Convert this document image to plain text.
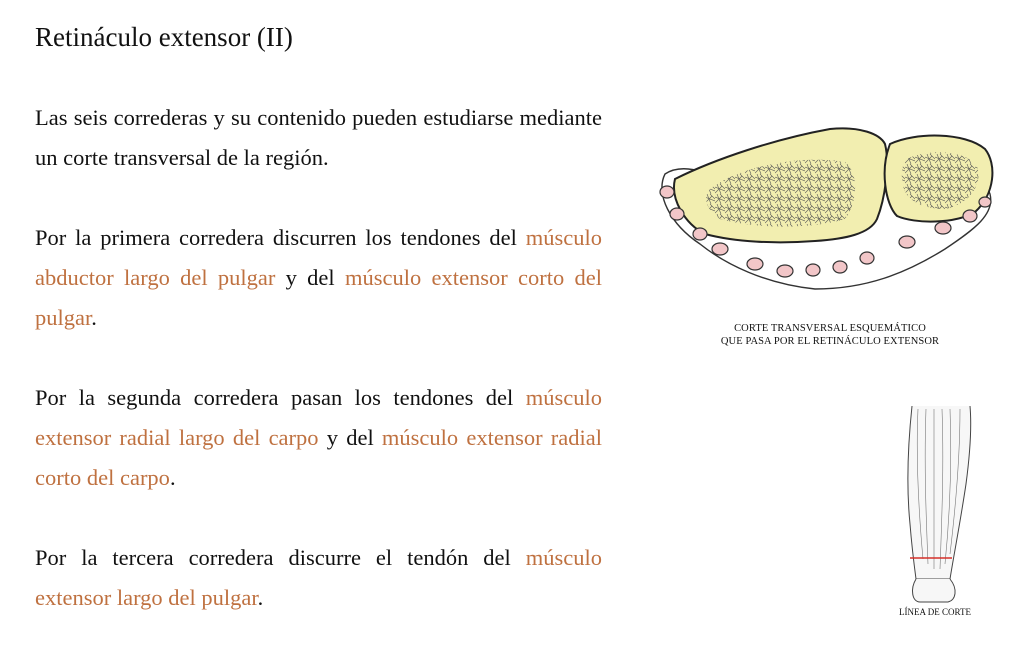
Retináculo extensor (II)

Las seis correderas y su contenido pueden estudiarse mediante un corte transversal de la región.

Por la primera corredera discurren los tendones del músculo abductor largo del pulgar y del músculo extensor corto del pulgar.

Por la segunda corredera pasan los tendones del músculo extensor radial largo del carpo y del músculo extensor radial corto del carpo.

Por la tercera corredera discurre el tendón del músculo extensor largo del pulgar.

CORTE TRANSVERSAL ESQUEMÁTICO
QUE PASA POR EL RETINÁCULO EXTENSOR
LÍNEA DE CORTE
